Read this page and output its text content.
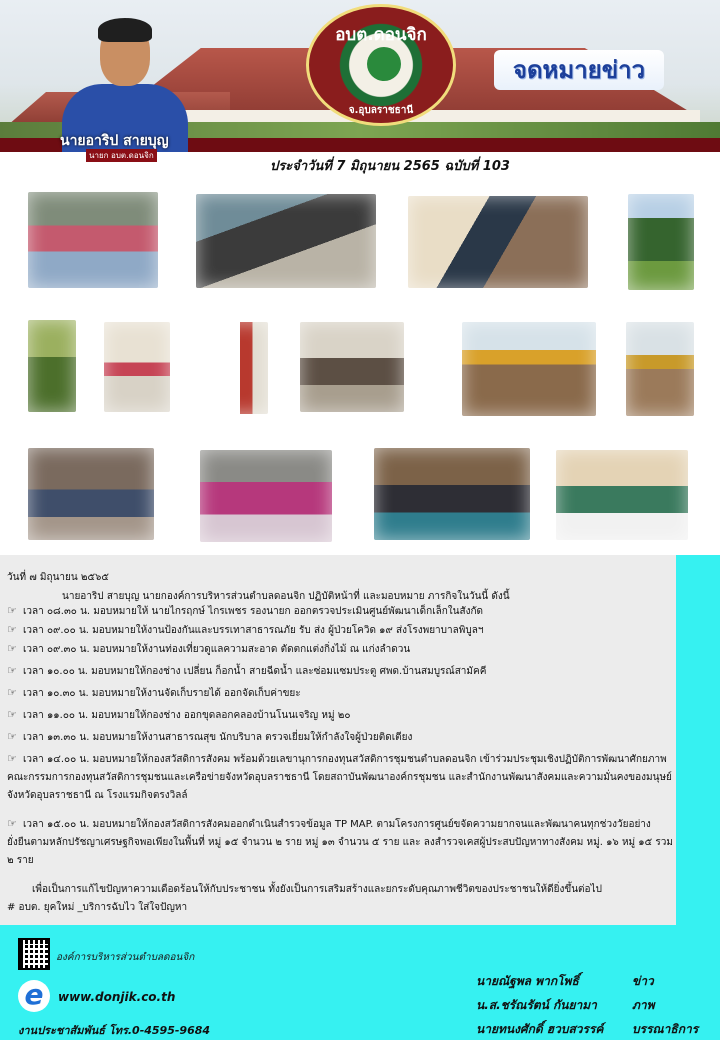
อบต.ดอนจิก
จ.อุบลราชธานี
จดหมายข่าว
นายอาริป สายบุญ
นายก อบต.ดอนจิก
ประจำวันที่ 7 มิถุนายน 2565 ฉบับที่ 103
วันที่ ๗ มิถุนายน ๒๕๖๕
นายอาริป สายบุญ นายกองค์การบริหารส่วนตำบลดอนจิก ปฏิบัติหน้าที่ และมอบหมาย ภารกิจในวันนี้ ดังนี้
☞ เวลา ๐๘.๓๐ น. มอบหมายให้ นายไกรฤกษ์ ไกรเพชร รองนายก ออกตรวจประเมินศูนย์พัฒนาเด็กเล็กในสังกัด
☞ เวลา ๐๙.๐๐ น. มอบหมายให้งานป้องกันและบรรเทาสาธารณภัย รับ ส่ง ผู้ป่วยโควิด ๑๙ ส่งโรงพยาบาลพิบูลฯ
☞ เวลา ๐๙.๓๐ น. มอบหมายให้งานท่องเที่ยวดูแลความสะอาด ตัดตกแต่งกิ่งไม้ ณ แก่งลำดวน
☞ เวลา ๑๐.๐๐ น. มอบหมายให้กองช่าง เปลี่ยน ก็อกน้ำ สายฉีดน้ำ และซ่อมแซมประตู ศพด.บ้านสมบูรณ์สามัคคี
☞ เวลา ๑๐.๓๐ น. มอบหมายให้งานจัดเก็บรายได้ ออกจัดเก็บค่าขยะ
☞ เวลา ๑๑.๐๐ น. มอบหมายให้กองช่าง ออกขุดลอกคลองบ้านโนนเจริญ หมู่ ๒๐
☞ เวลา ๑๓.๓๐ น. มอบหมายให้งานสาธารณสุข นักบริบาล ตรวจเยี่ยมให้กำลังใจผู้ป่วยติดเตียง
☞ เวลา ๑๔.๐๐ น. มอบหมายให้กองสวัสดิการสังคม พร้อมด้วยเลขานุการกองทุนสวัสดิการชุมชนตำบลดอนจิก เข้าร่วมประชุมเชิงปฏิบัติการพัฒนาศักยภาพคณะกรรมการกองทุนสวัสดิการชุมชนและเครือข่ายจังหวัดอุบลราชธานี โดยสถาบันพัฒนาองค์กรชุมชน และสำนักงานพัฒนาสังคมและความมั่นคงของมนุษย์จังหวัดอุบลราชธานี ณ โรงแรมกิจตรงวิลล์
☞ เวลา ๑๕.๐๐ น. มอบหมายให้กองสวัสดิการสังคมออกดำเนินสำรวจข้อมูล TP MAP. ตามโครงการศูนย์ขจัดความยากจนและพัฒนาคนทุกช่วงวัยอย่างยั่งยืนตามหลักปรัชญาเศรษฐกิจพอเพียงในพื้นที่ หมู่ ๑๕ จำนวน ๒ ราย หมู่ ๑๓ จำนวน ๕ ราย และ ลงสำรวจเคสผู้ประสบปัญหาทางสังคม หมู่. ๑๖ หมู่ ๑๕ รวม ๒ ราย
เพื่อเป็นการแก้ไขปัญหาความเดือดร้อนให้กับประชาชน ทั้งยังเป็นการเสริมสร้างและยกระดับคุณภาพชีวิตของประชาชนให้ดียิ่งขึ้นต่อไป
# อบต. ยุคใหม่ _บริการฉับไว ใส่ใจปัญหา
องค์การบริหารส่วนตำบลดอนจิก
e	www.donjik.co.th
งานประชาสัมพันธ์ โทร.0-4595-9684
นายณัฐพล พากโพธิ์	ข่าว
น.ส.ชรัณรัตน์ กันยามา	ภาพ
นายทนงศักดิ์ ฮวบสวรรค์ บรรณาธิการ
